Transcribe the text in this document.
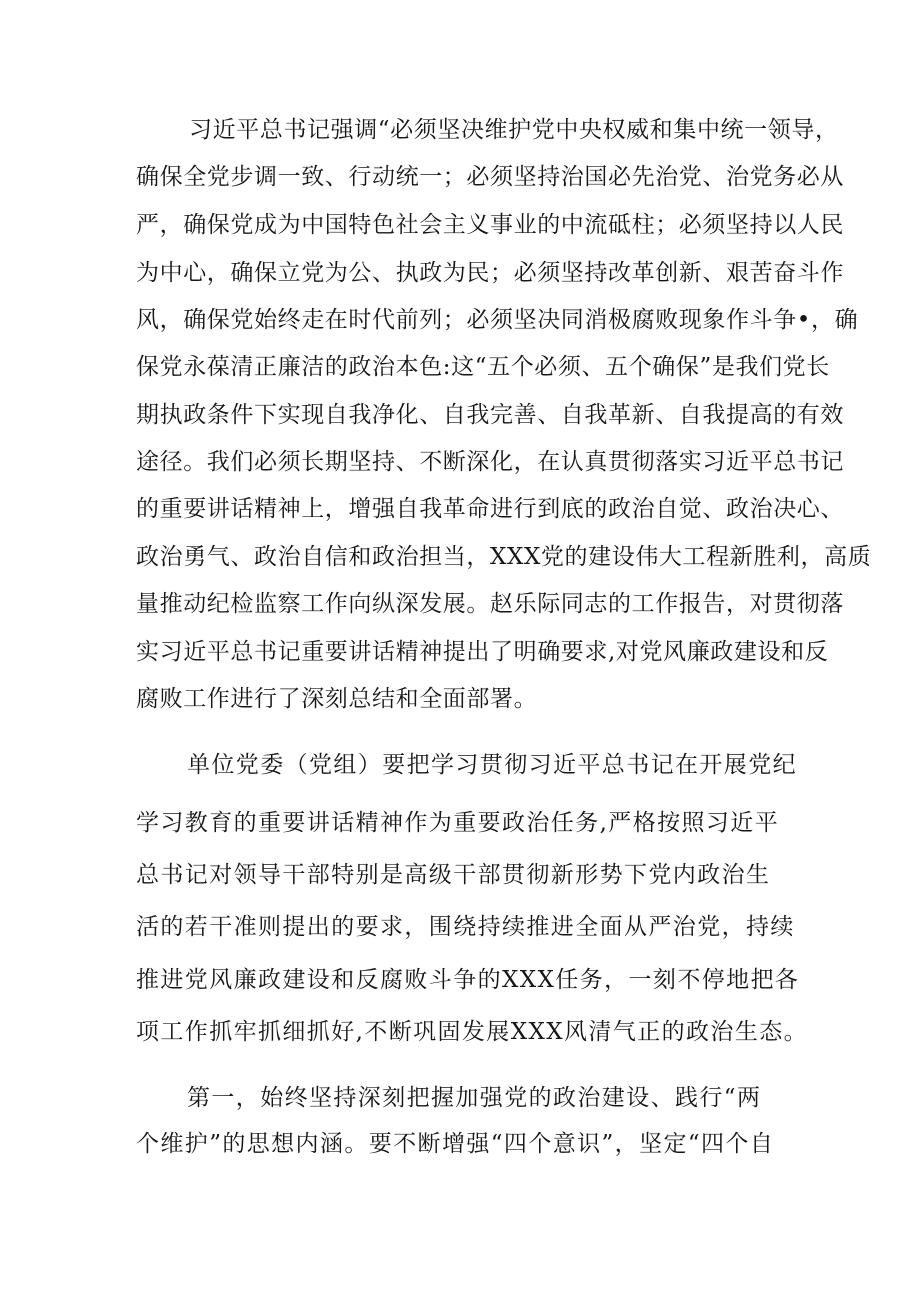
习近平总书记强调“必须坚决维护党中央权威和集中统一领导，
确保全党步调一致、行动统一；必须坚持治国必先治党、治党务必从
严，确保党成为中国特色社会主义事业的中流砥柱；必须坚持以人民
为中心，确保立党为公、执政为民；必须坚持改革创新、艰苦奋斗作
风，确保党始终走在时代前列；必须坚决同消极腐败现象作斗争•，确
保党永葆清正廉洁的政治本色:这“五个必须、五个确保”是我们党长
期执政条件下实现自我净化、自我完善、自我革新、自我提高的有效
途径。我们必须长期坚持、不断深化，在认真贯彻落实习近平总书记
的重要讲话精神上，增强自我革命进行到底的政治自觉、政治决心、
政治勇气、政治自信和政治担当，XXX党的建设伟大工程新胜利，高质
量推动纪检监察工作向纵深发展。赵乐际同志的工作报告，对贯彻落
实习近平总书记重要讲话精神提出了明确要求,对党风廉政建设和反
腐败工作进行了深刻总结和全面部署。
单位党委（党组）要把学习贯彻习近平总书记在开展党纪
学习教育的重要讲话精神作为重要政治任务,严格按照习近平
总书记对领导干部特别是高级干部贯彻新形势下党内政治生
活的若干准则提出的要求，围绕持续推进全面从严治党，持续
推进党风廉政建设和反腐败斗争的XXX任务，一刻不停地把各
项工作抓牢抓细抓好,不断巩固发展XXX风清气正的政治生态。
第一，始终坚持深刻把握加强党的政治建设、践行“两
个维护”的思想内涵。要不断增强“四个意识”，坚定“四个自
